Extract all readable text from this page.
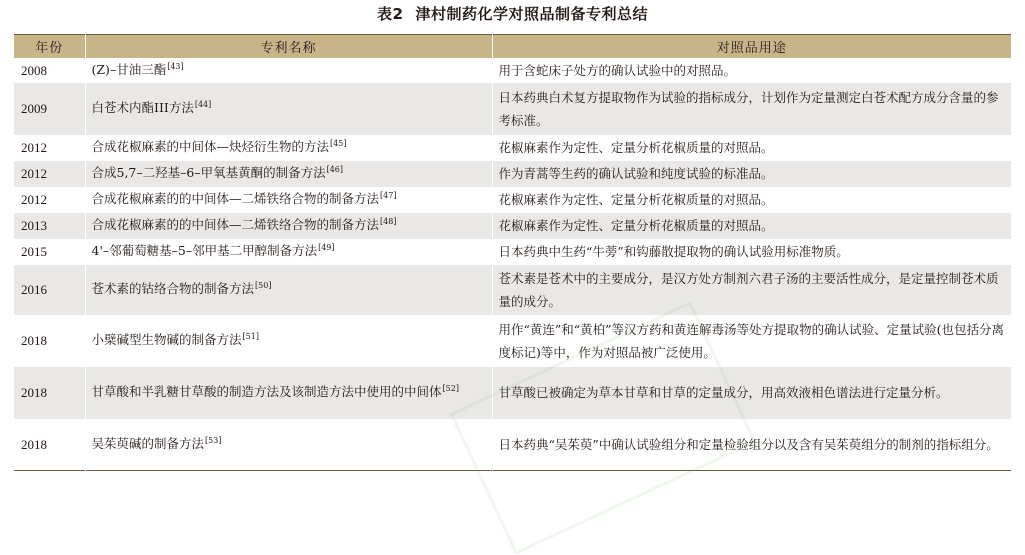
表2 津村制药化学对照品制备专利总结
年份	专利名称	对照品用途
2008	(Z)–甘油三酯[43]	用于含蛇床子处方的确认试验中的对照品。
2009	白苍术内酯III方法[44]	日本药典白术复方提取物作为试验的指标成分，计划作为定量测定白苍术配方成分含量的参考标准。
2012	合成花椒麻素的中间体—炔烃衍生物的方法[45]	花椒麻素作为定性、定量分析花椒质量的对照品。
2012	合成5,7–二羟基–6–甲氧基黄酮的制备方法[46]	作为青蒿等生药的确认试验和纯度试验的标准品。
2012	合成花椒麻素的的中间体—二烯铁络合物的制备方法[47]	花椒麻素作为定性、定量分析花椒质量的对照品。
2013	合成花椒麻素的的中间体—二烯铁络合物的制备方法[48]	花椒麻素作为定性、定量分析花椒质量的对照品。
2015	4'–邻葡萄糖基–5–邻甲基二甲醇制备方法[49]	日本药典中生药“牛蒡”和钩藤散提取物的确认试验用标准物质。
2016	苍术素的钴络合物的制备方法[50]	苍术素是苍术中的主要成分，是汉方处方制剂六君子汤的主要活性成分，是定量控制苍术质量的成分。
2018	小檗碱型生物碱的制备方法[51]	用作“黄连”和“黄柏”等汉方药和黄连解毒汤等处方提取物的确认试验、定量试验(也包括分离度标记)等中，作为对照品被广泛使用。
2018	甘草酸和半乳糖甘草酸的制造方法及该制造方法中使用的中间体[52]	甘草酸已被确定为草本甘草和甘草的定量成分，用高效液相色谱法进行定量分析。
2018	吴茱萸碱的制备方法[53]	日本药典“吴茱萸”中确认试验组分和定量检验组分以及含有吴茱萸组分的制剂的指标组分。
